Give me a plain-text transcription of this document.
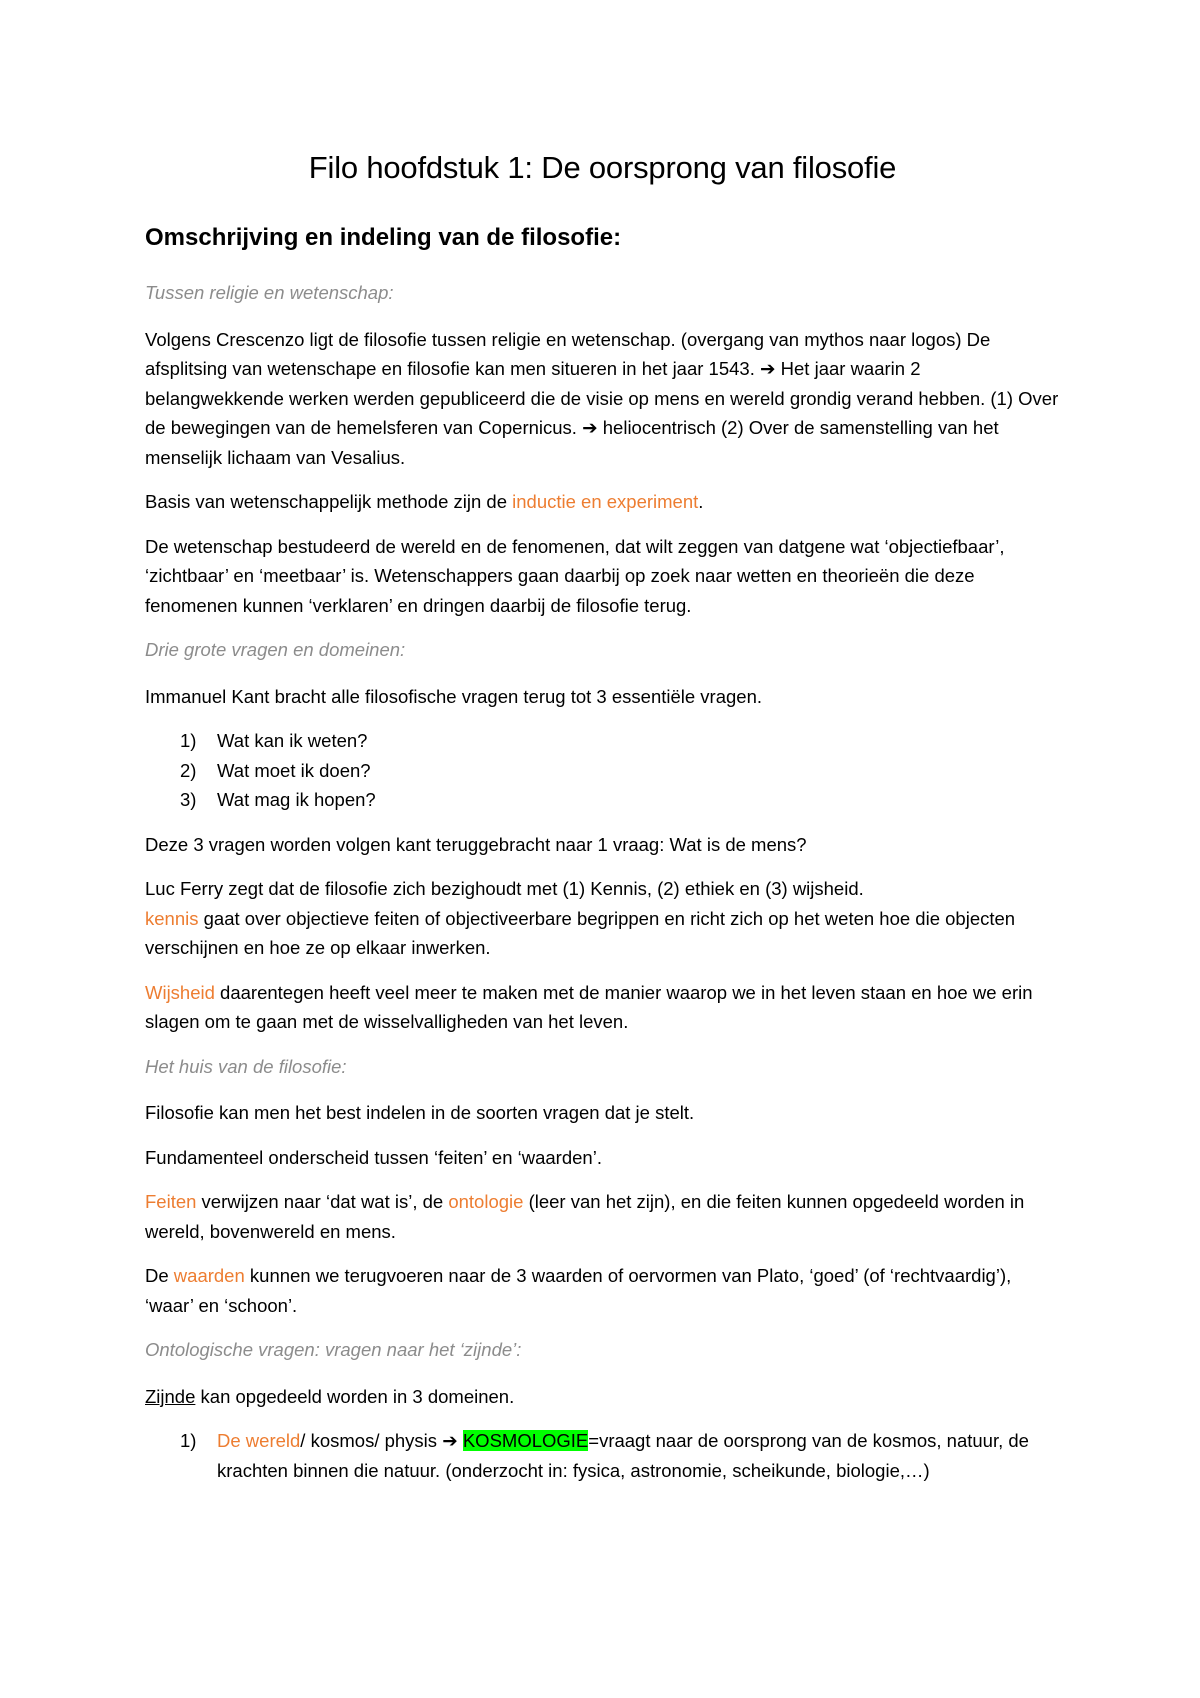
Filo hoofdstuk 1: De oorsprong van filosofie
Omschrijving en indeling van de filosofie:

Tussen religie en wetenschap:

Volgens Crescenzo ligt de filosofie tussen religie en wetenschap. (overgang van mythos naar logos) De afsplitsing van wetenschape en filosofie kan men situeren in het jaar 1543. ➔ Het jaar waarin 2 belangwekkende werken werden gepubliceerd die de visie op mens en wereld grondig verand hebben. (1) Over de bewegingen van de hemelsferen van Copernicus. ➔ heliocentrisch (2) Over de samenstelling van het menselijk lichaam van Vesalius.

Basis van wetenschappelijk methode zijn de inductie en experiment.

De wetenschap bestudeerd de wereld en de fenomenen, dat wilt zeggen van datgene wat ‘objectiefbaar’, ‘zichtbaar’ en ‘meetbaar’ is. Wetenschappers gaan daarbij op zoek naar wetten en theorieën die deze fenomenen kunnen ‘verklaren’ en dringen daarbij de filosofie terug.

Drie grote vragen en domeinen:

Immanuel Kant bracht alle filosofische vragen terug tot 3 essentiële vragen.

1)	Wat kan ik weten?
2)	Wat moet ik doen?
3)	Wat mag ik hopen?

Deze 3 vragen worden volgen kant teruggebracht naar 1 vraag: Wat is de mens?

Luc Ferry zegt dat de filosofie zich bezighoudt met (1) Kennis, (2) ethiek en (3) wijsheid.
kennis gaat over objectieve feiten of objectiveerbare begrippen en richt zich op het weten hoe die objecten verschijnen en hoe ze op elkaar inwerken.

Wijsheid daarentegen heeft veel meer te maken met de manier waarop we in het leven staan en hoe we erin slagen om te gaan met de wisselvalligheden van het leven.

Het huis van de filosofie:

Filosofie kan men het best indelen in de soorten vragen dat je stelt.

Fundamenteel onderscheid tussen ‘feiten’ en ‘waarden’.

Feiten verwijzen naar ‘dat wat is’, de ontologie (leer van het zijn), en die feiten kunnen opgedeeld worden in wereld, bovenwereld en mens.

De waarden kunnen we terugvoeren naar de 3 waarden of oervormen van Plato, ‘goed’ (of ‘rechtvaardig’), ‘waar’ en ‘schoon’.

Ontologische vragen: vragen naar het ‘zijnde’:

Zijnde kan opgedeeld worden in 3 domeinen.

1)	De wereld/ kosmos/ physis ➔ KOSMOLOGIE=vraagt naar de oorsprong van de kosmos, natuur, de krachten binnen die natuur. (onderzocht in: fysica, astronomie, scheikunde, biologie,…)
